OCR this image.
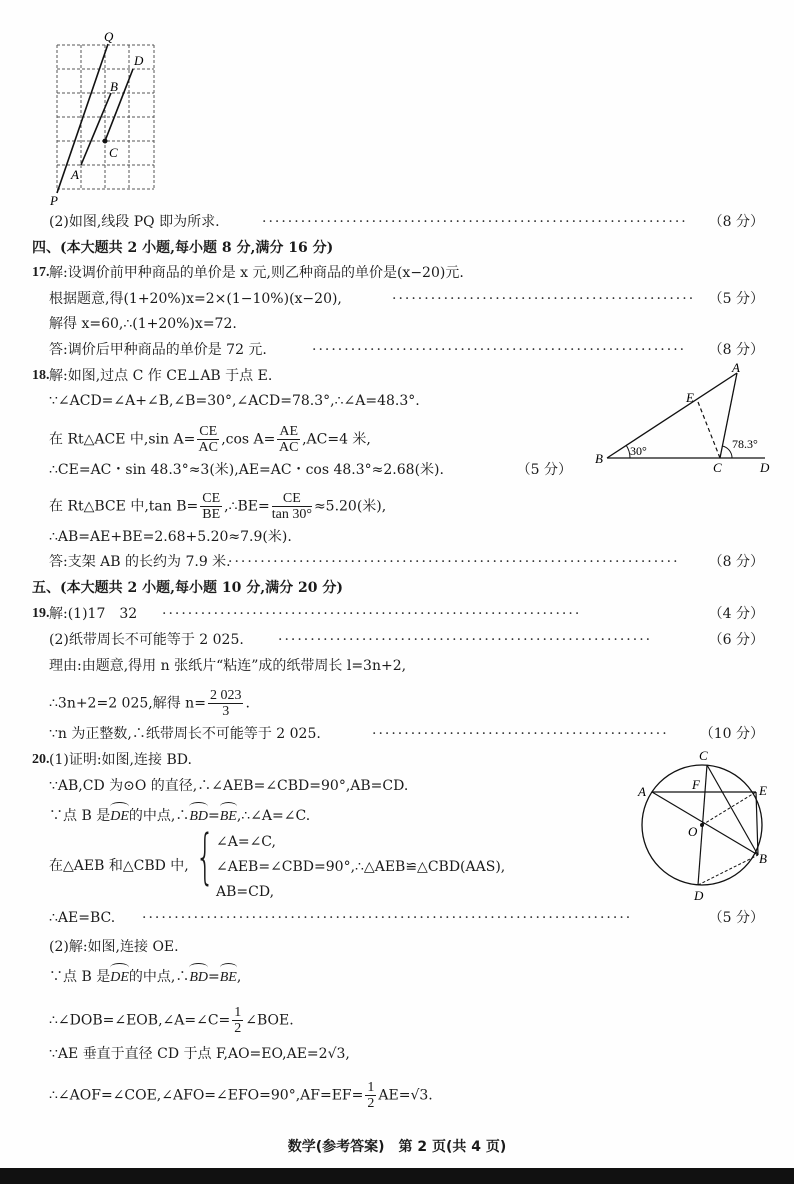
Q
D
B
C
A
P
(2)如图,线段 PQ 即为所求.	··································································	（8 分）
四、(本大题共 2 小题,每小题 8 分,满分 16 分)
17. 解:设调价前甲种商品的单价是 x 元,则乙种商品的单价是(x−20)元.
根据题意,得(1+20%)x=2×(1−10%)(x−20),	··············································· （5 分）
解得 x=60,∴(1+20%)x=72.
答:调价后甲种商品的单价是 72 元.	··························································	（8 分）
18. 解:如图,过点 C 作 CE⊥AB 于点 E.
∵∠ACD=∠A+∠B,∠B=30°,∠ACD=78.3°,∴∠A=48.3°.
在 Rt△ACE 中,sin $A= \frac{CE}{AC} ,\cos$ $A= \frac{AE}{AC} ,AC=4$ 米,
∴CE=AC・sin 48.3°≈3(米),AE=AC・cos 48.3°≈2.68(米).	（5 分）
在 Rt△BCE 中,tan $B= \frac{CE}{BE}$ ,∴BE= $\frac{CE}{\tan 30^\circ} \approx 5.20$(米),
∴AB=AE+BE=2.68+5.20≈7.9(米).
答:支架 AB 的长约为 7.9 米.
······································································	（8 分）
A
E
B
C	D
30°	78.3°
五、(本大题共 2 小题,每小题 10 分,满分 20 分)
19. 解:(1)17　32 ·································································	（4 分）
(2)纸带周长不可能等于 2 025. ··························································	（6 分）
理由:由题意,得用 n 张纸片“粘连”成的纸带周长 l=3n+2,
∴3n+2=2 025,解得 $n= \frac{2 023}{3}$ .
∵n 为正整数,∴纸带周长不可能等于 2 025.	··············································	（10 分）
20. (1)证明:如图,连接 BD.
∵AB,CD 为⊙O 的直径,∴∠AEB=∠CBD=90°,AB=CD.
∵点 B 是DE的中点,∴BD=BE,∴∠A=∠C.
在△AEB 和△CBD 中, { ∠A=∠C,
∠AEB=∠CBD=90°,∴△AEB≌△CBD(AAS),
AB=CD,
∴AE=BC. ············································································	（5 分）
(2)解:如图,连接 OE.
∵点 B 是DE的中点,∴BD=BE,
∴∠DOB=∠EOB,∠A=∠C= $\frac{1}{2}$ ∠BOE.
∵AE 垂直于直径 CD 于点 F,AO=EO,AE=2√3,
∴∠AOF=∠COE,∠AFO=∠EFO=90°,AF=EF= $\frac{1}{2} AE=√3$.
C
A	F	E
O
B
D
数学(参考答案)　第 2 页(共 4 页)
